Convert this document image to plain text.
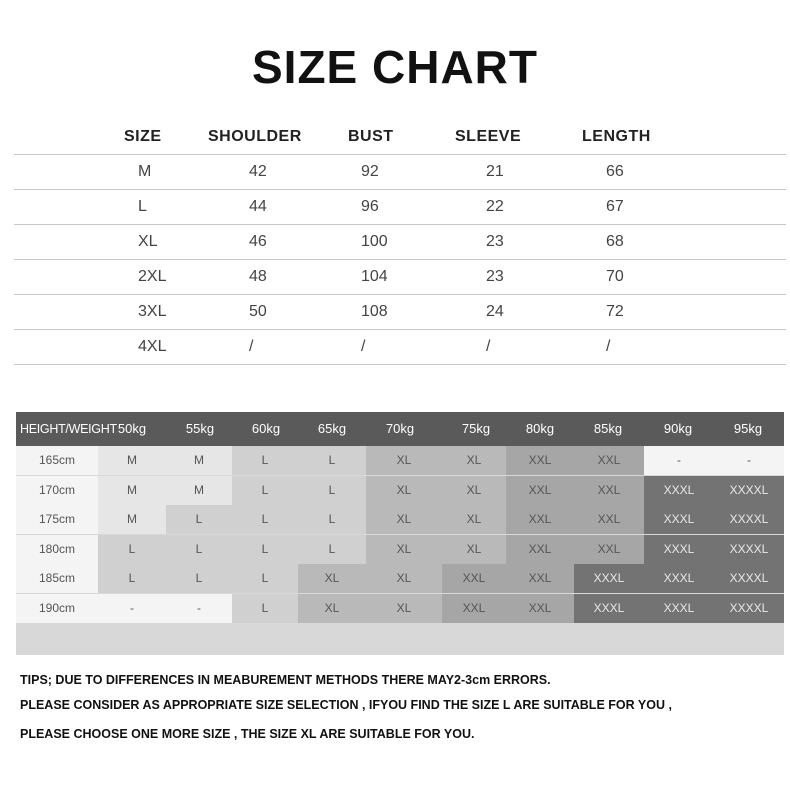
SIZE CHART
SIZE	SHOULDER	BUST	SLEEVE	LENGTH
M	42	92	21	66
L	44	96	22	67
XL	46	100	23	68
2XL	48	104	23	70
3XL	50	108	24	72
4XL	/	/	/	/
HEIGHT/WEIGHT 50kg	55kg	60kg	65kg	70kg	75kg	80kg	85kg	90kg	95kg
165cm	M	M	L	L	XL	XL	XXL	XXL	-	-
170cm	M	M	L	L	XL	XL	XXL	XXL	XXXL	XXXXL
175cm	M	L	L	L	XL	XL	XXL	XXL	XXXL	XXXXL
180cm	L	L	L	L	XL	XL	XXL	XXL	XXXL	XXXXL
185cm	L	L	L	XL	XL	XXL	XXL	XXXL	XXXL	XXXXL
190cm	-	-	L	XL	XL	XXL	XXL	XXXL	XXXL	XXXXL
TIPS; DUE TO DIFFERENCES IN MEABUREMENT METHODS THERE MAY2-3cm ERRORS.
PLEASE CONSIDER AS APPROPRIATE SIZE SELECTION , IFYOU FIND THE SIZE L ARE SUITABLE FOR YOU ,
PLEASE CHOOSE ONE MORE SIZE , THE SIZE XL ARE SUITABLE FOR YOU.
